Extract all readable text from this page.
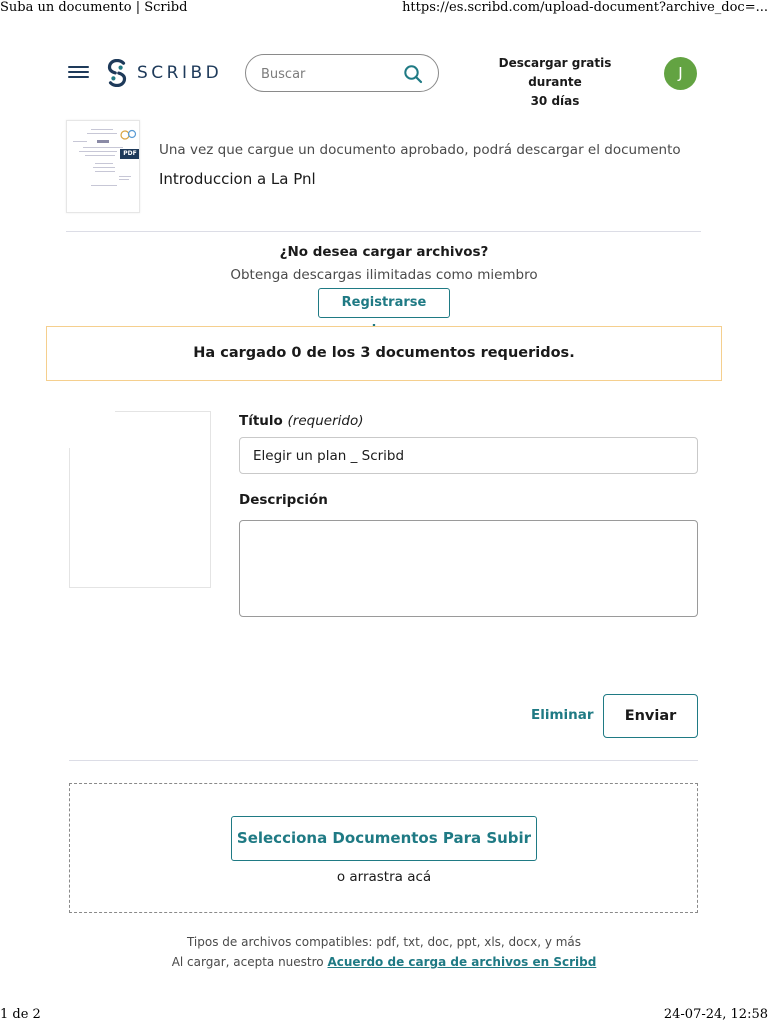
Suba un documento | Scribd	https://es.scribd.com/upload-document?archive_doc=...
SCRIBD
Buscar	Descargar gratis durante
30 días
J
PDF Una vez que cargue un documento aprobado, podrá descargar el documento
Introduccion a La Pnl
¿No desea cargar archivos?
Obtenga descargas ilimitadas como miembro
Registrarse
Ha cargado 0 de los 3 documentos requeridos.
Título (requerido)
Elegir un plan _ Scribd
Descripción
Eliminar	Enviar
Selecciona Documentos Para Subir
o arrastra acá
Tipos de archivos compatibles: pdf, txt, doc, ppt, xls, docx, y más
Al cargar, acepta nuestro Acuerdo de carga de archivos en Scribd
1 de 2	24-07-24, 12:58
